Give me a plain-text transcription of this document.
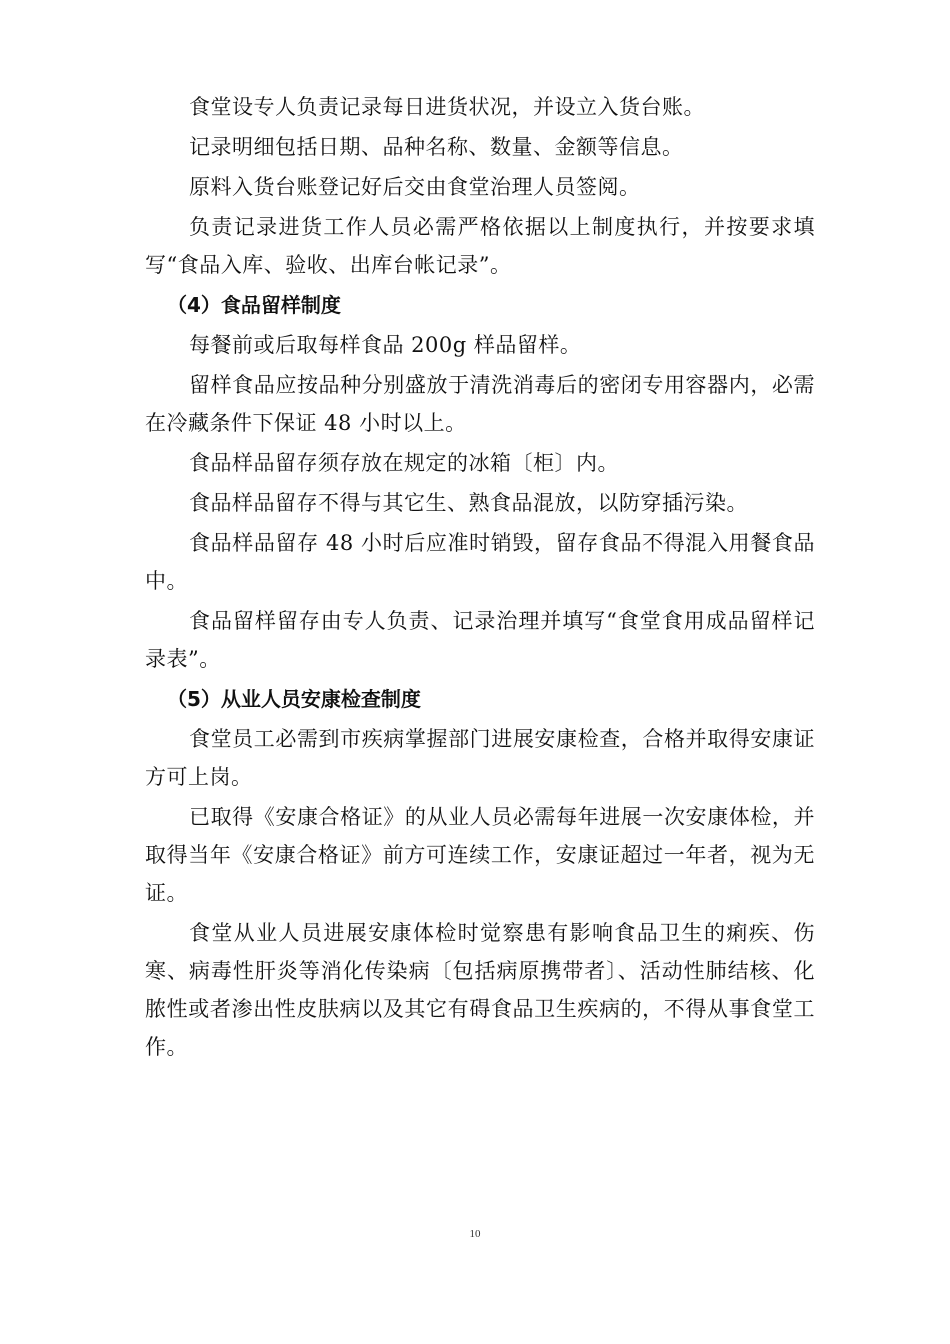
食堂设专人负责记录每日进货状况，并设立入货台账。

记录明细包括日期、品种名称、数量、金额等信息。

原料入货台账登记好后交由食堂治理人员签阅。

负责记录进货工作人员必需严格依据以上制度执行，并按要求填写“食品入库、验收、出库台帐记录”。

（4）食品留样制度

每餐前或后取每样食品 200g 样品留样。

留样食品应按品种分别盛放于清洗消毒后的密闭专用容器内，必需在冷藏条件下保证 48 小时以上。

食品样品留存须存放在规定的冰箱〔柜〕内。

食品样品留存不得与其它生、熟食品混放，以防穿插污染。

食品样品留存 48 小时后应准时销毁，留存食品不得混入用餐食品中。

食品留样留存由专人负责、记录治理并填写“食堂食用成品留样记录表”。

（5）从业人员安康检查制度

食堂员工必需到市疾病掌握部门进展安康检查，合格并取得安康证方可上岗。

已取得《安康合格证》的从业人员必需每年进展一次安康体检，并取得当年《安康合格证》前方可连续工作，安康证超过一年者，视为无证。

食堂从业人员进展安康体检时觉察患有影响食品卫生的痢疾、伤寒、病毒性肝炎等消化传染病〔包括病原携带者〕、活动性肺结核、化脓性或者渗出性皮肤病以及其它有碍食品卫生疾病的，不得从事食堂工作。

10
